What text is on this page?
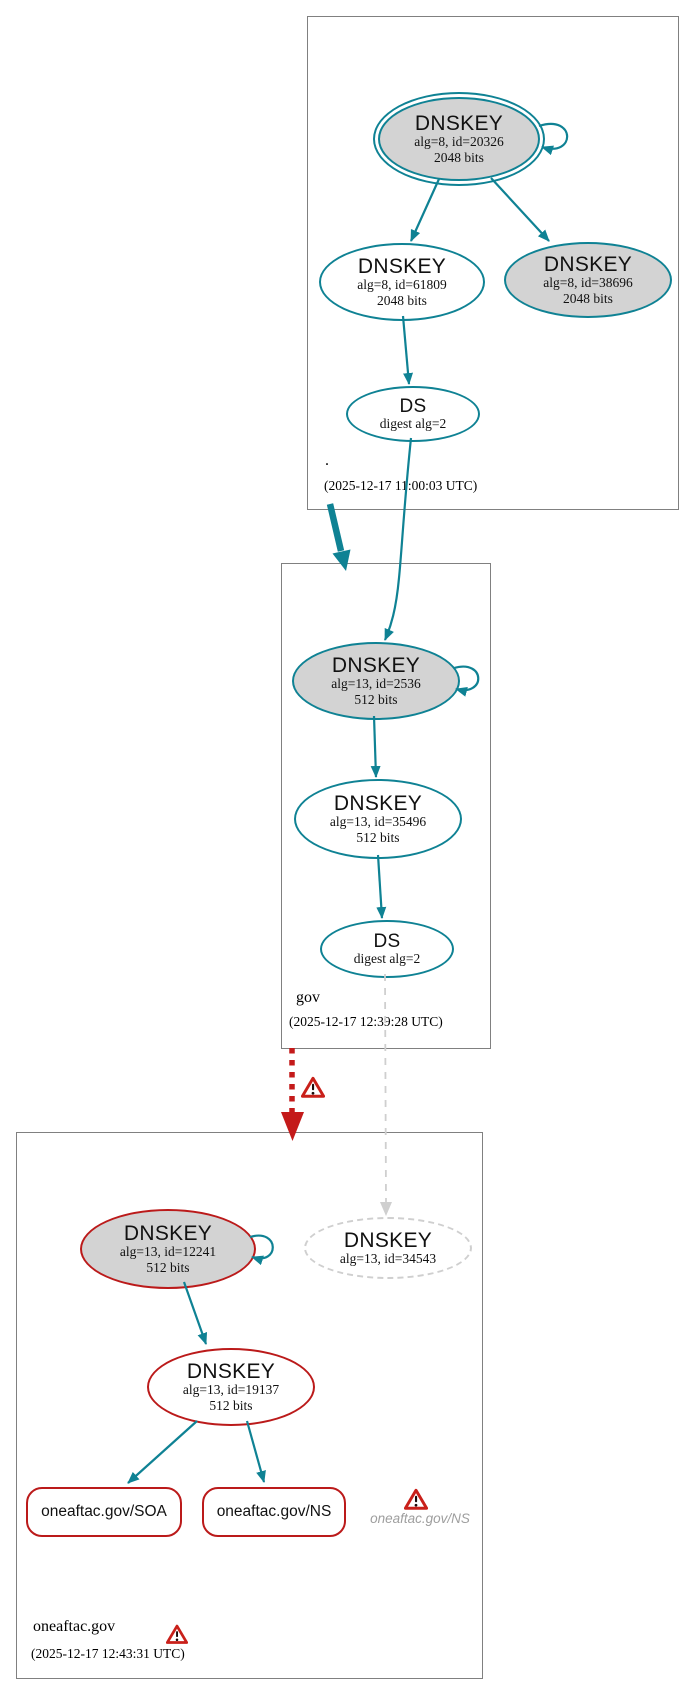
.
(2025-12-17 11:00:03 UTC)
gov
(2025-12-17 12:39:28 UTC)
oneaftac.gov
(2025-12-17 12:43:31 UTC)
DNSKEY
alg=8, id=20326
2048 bits
DNSKEY
alg=8, id=61809
2048 bits
DNSKEY
alg=8, id=38696
2048 bits
DS
digest alg=2
DNSKEY
alg=13, id=2536
512 bits
DNSKEY
alg=13, id=35496
512 bits
DS
digest alg=2
DNSKEY
alg=13, id=12241
512 bits
DNSKEY
alg=13, id=34543
DNSKEY
alg=13, id=19137
512 bits
oneaftac.gov/SOA	oneaftac.gov/NS	oneaftac.gov/NS
